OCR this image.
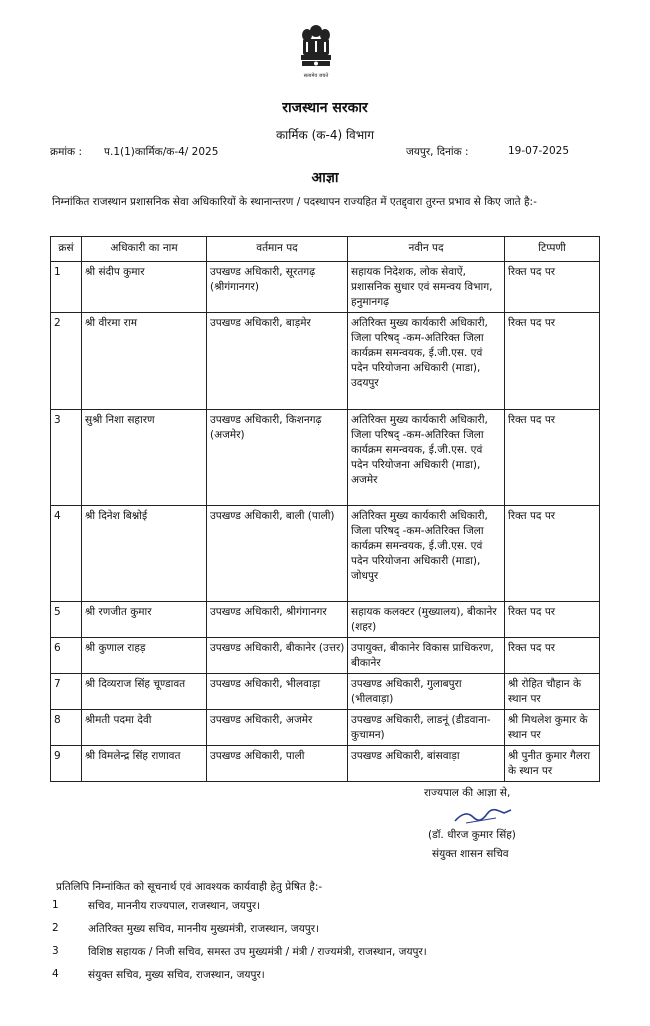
सत्यमेव जयते
राजस्थान सरकार
कार्मिक (क-4) विभाग
क्रमांक : प.1(1)कार्मिक/क-4/ 2025	जयपुर, दिनांक :	19-07-2025
आज्ञा
निम्नांकित राजस्थान प्रशासनिक सेवा अधिकारियों के स्थानान्तरण / पदस्थापन राज्यहित में एतद्द्वारा तुरन्त प्रभाव से किए जाते है:-
क्रसं	अधिकारी का नाम	वर्तमान पद	नवीन पद	टिप्पणी
1	श्री संदीप कुमार	उपखण्ड अधिकारी, सूरतगढ़ (श्रीगंगानगर)	सहायक निदेशक, लोक सेवाऐं, प्रशासनिक सुधार एवं समन्वय विभाग, हनुमानगढ़	रिक्त पद पर
2	श्री वीरमा राम	उपखण्ड अधिकारी, बाड़मेर	अतिरिक्त मुख्य कार्यकारी अधिकारी, जिला परिषद् -कम-अतिरिक्त जिला कार्यक्रम समन्वयक, ई.जी.एस. एवं पदेन परियोजना अधिकारी (माडा), उदयपुर	रिक्त पद पर
3	सुश्री निशा सहारण	उपखण्ड अधिकारी, किशनगढ़ (अजमेर)	अतिरिक्त मुख्य कार्यकारी अधिकारी, जिला परिषद् -कम-अतिरिक्त जिला कार्यक्रम समन्वयक, ई.जी.एस. एवं पदेन परियोजना अधिकारी (माडा), अजमेर	रिक्त पद पर
4	श्री दिनेश बिश्नोई	उपखण्ड अधिकारी, बाली (पाली)	अतिरिक्त मुख्य कार्यकारी अधिकारी, जिला परिषद् -कम-अतिरिक्त जिला कार्यक्रम समन्वयक, ई.जी.एस. एवं पदेन परियोजना अधिकारी (माडा), जोधपुर	रिक्त पद पर
5	श्री रणजीत कुमार	उपखण्ड अधिकारी, श्रीगंगानगर	सहायक कलक्टर (मुख्यालय), बीकानेर (शहर)	रिक्त पद पर
6	श्री कुणाल राहड़	उपखण्ड अधिकारी, बीकानेर (उत्तर)	उपायुक्त, बीकानेर विकास प्राधिकरण, बीकानेर	रिक्त पद पर
7	श्री दिव्यराज सिंह चूण्डावत	उपखण्ड अधिकारी, भीलवाड़ा	उपखण्ड अधिकारी, गुलाबपुरा (भीलवाड़ा)	श्री रोहित चौहान के स्थान पर
8	श्रीमती पदमा देवी	उपखण्ड अधिकारी, अजमेर	उपखण्ड अधिकारी, लाडनूं (डीडवाना-कुचामन)	श्री मिथलेश कुमार के स्थान पर
9	श्री विमलेन्द्र सिंह राणावत	उपखण्ड अधिकारी, पाली	उपखण्ड अधिकारी, बांसवाड़ा	श्री पुनीत कुमार गैलरा के स्थान पर
राज्यपाल की आज्ञा से,
(डॉ. धीरज कुमार सिंह)
संयुक्त शासन सचिव
प्रतिलिपि निम्नांकित को सूचनार्थ एवं आवश्यक कार्यवाही हेतु प्रेषित है:-
1	सचिव, माननीय राज्यपाल, राजस्थान, जयपुर।
2	अतिरिक्त मुख्य सचिव, माननीय मुख्यमंत्री, राजस्थान, जयपुर।
3	विशिष्ठ सहायक / निजी सचिव, समस्त उप मुख्यमंत्री / मंत्री / राज्यमंत्री, राजस्थान, जयपुर।
4	संयुक्त सचिव, मुख्य सचिव, राजस्थान, जयपुर।
